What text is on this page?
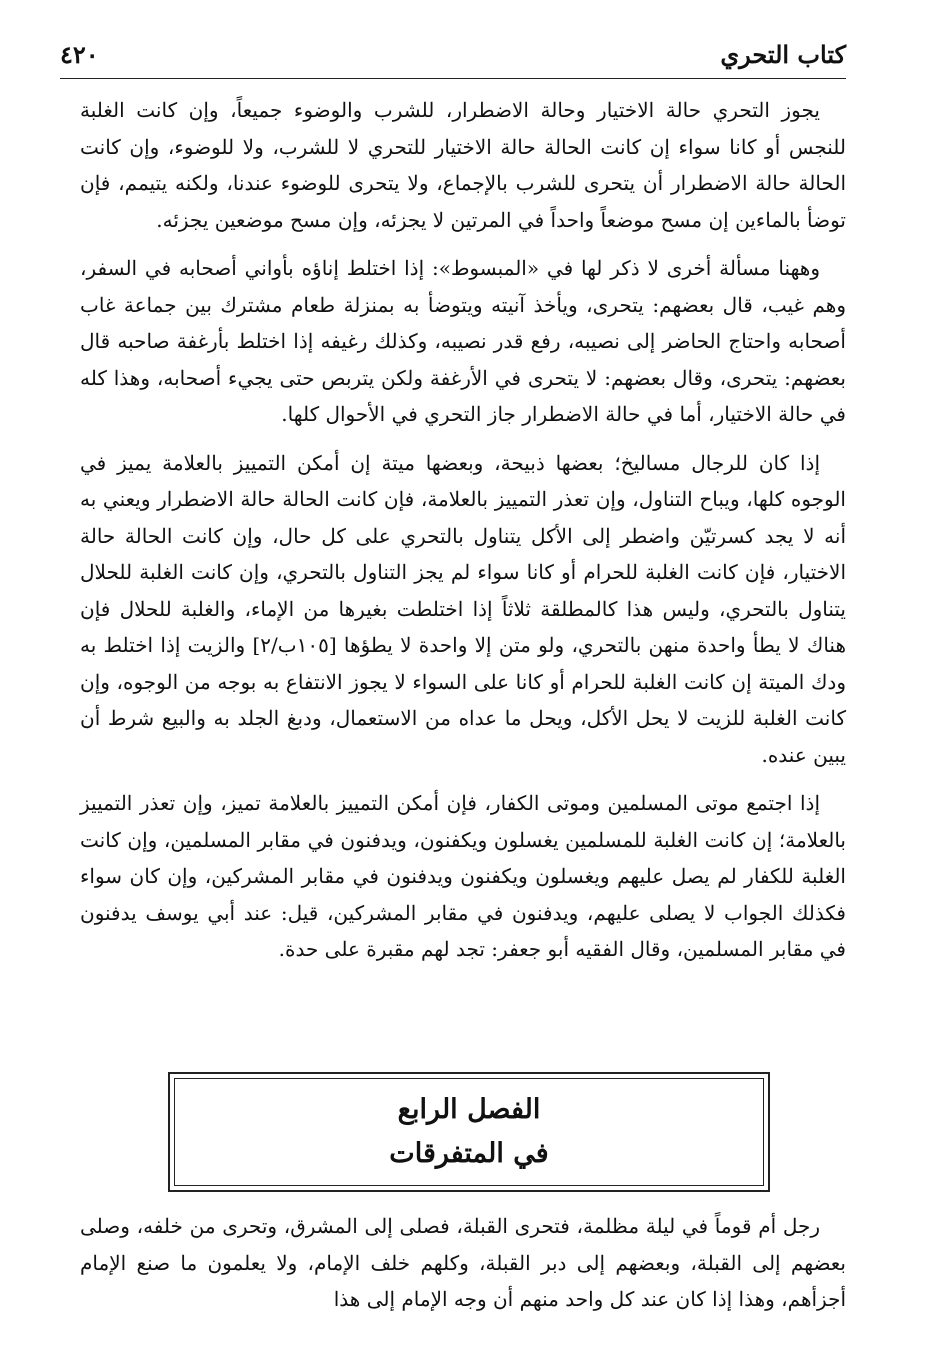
كتاب التحري
٤٢٠

يجوز التحري حالة الاختيار وحالة الاضطرار، للشرب والوضوء جميعاً، وإن كانت الغلبة للنجس أو كانا سواء إن كانت الحالة حالة الاختيار للتحري لا للشرب، ولا للوضوء، وإن كانت الحالة حالة الاضطرار أن يتحرى للشرب بالإجماع، ولا يتحرى للوضوء عندنا، ولكنه يتيمم، فإن توضأ بالماءين إن مسح موضعاً واحداً في المرتين لا يجزئه، وإن مسح موضعين يجزئه.

وههنا مسألة أخرى لا ذكر لها في «المبسوط»: إذا اختلط إناؤه بأواني أصحابه في السفر، وهم غيب، قال بعضهم: يتحرى، ويأخذ آنيته ويتوضأ به بمنزلة طعام مشترك بين جماعة غاب أصحابه واحتاج الحاضر إلى نصيبه، رفع قدر نصيبه، وكذلك رغيفه إذا اختلط بأرغفة صاحبه قال بعضهم: يتحرى، وقال بعضهم: لا يتحرى في الأرغفة ولكن يتربص حتى يجيء أصحابه، وهذا كله في حالة الاختيار، أما في حالة الاضطرار جاز التحري في الأحوال كلها.

إذا كان للرجال مساليخ؛ بعضها ذبيحة، وبعضها ميتة إن أمكن التمييز بالعلامة يميز في الوجوه كلها، ويباح التناول، وإن تعذر التمييز بالعلامة، فإن كانت الحالة حالة الاضطرار ويعني به أنه لا يجد كسرتيّن واضطر إلى الأكل يتناول بالتحري على كل حال، وإن كانت الحالة حالة الاختيار، فإن كانت الغلبة للحرام أو كانا سواء لم يجز التناول بالتحري، وإن كانت الغلبة للحلال يتناول بالتحري، وليس هذا كالمطلقة ثلاثاً إذا اختلطت بغيرها من الإماء، والغلبة للحلال فإن هناك لا يطأ واحدة منهن بالتحري، ولو متن إلا واحدة لا يطؤها [١٠٥ب/٢] والزيت إذا اختلط به ودك الميتة إن كانت الغلبة للحرام أو كانا على السواء لا يجوز الانتفاع به بوجه من الوجوه، وإن كانت الغلبة للزيت لا يحل الأكل، ويحل ما عداه من الاستعمال، ودبغ الجلد به والبيع شرط أن يبين عنده.

إذا اجتمع موتى المسلمين وموتى الكفار، فإن أمكن التمييز بالعلامة تميز، وإن تعذر التمييز بالعلامة؛ إن كانت الغلبة للمسلمين يغسلون ويكفنون، ويدفنون في مقابر المسلمين، وإن كانت الغلبة للكفار لم يصل عليهم ويغسلون ويكفنون ويدفنون في مقابر المشركين، وإن كان سواء فكذلك الجواب لا يصلى عليهم، ويدفنون في مقابر المشركين، قيل: عند أبي يوسف يدفنون في مقابر المسلمين، وقال الفقيه أبو جعفر: تجد لهم مقبرة على حدة.

الفصل الرابع
في المتفرقات

رجل أم قوماً في ليلة مظلمة، فتحرى القبلة، فصلى إلى المشرق، وتحرى من خلفه، وصلى بعضهم إلى القبلة، وبعضهم إلى دبر القبلة، وكلهم خلف الإمام، ولا يعلمون ما صنع الإمام أجزأهم، وهذا إذا كان عند كل واحد منهم أن وجه الإمام إلى هذا
